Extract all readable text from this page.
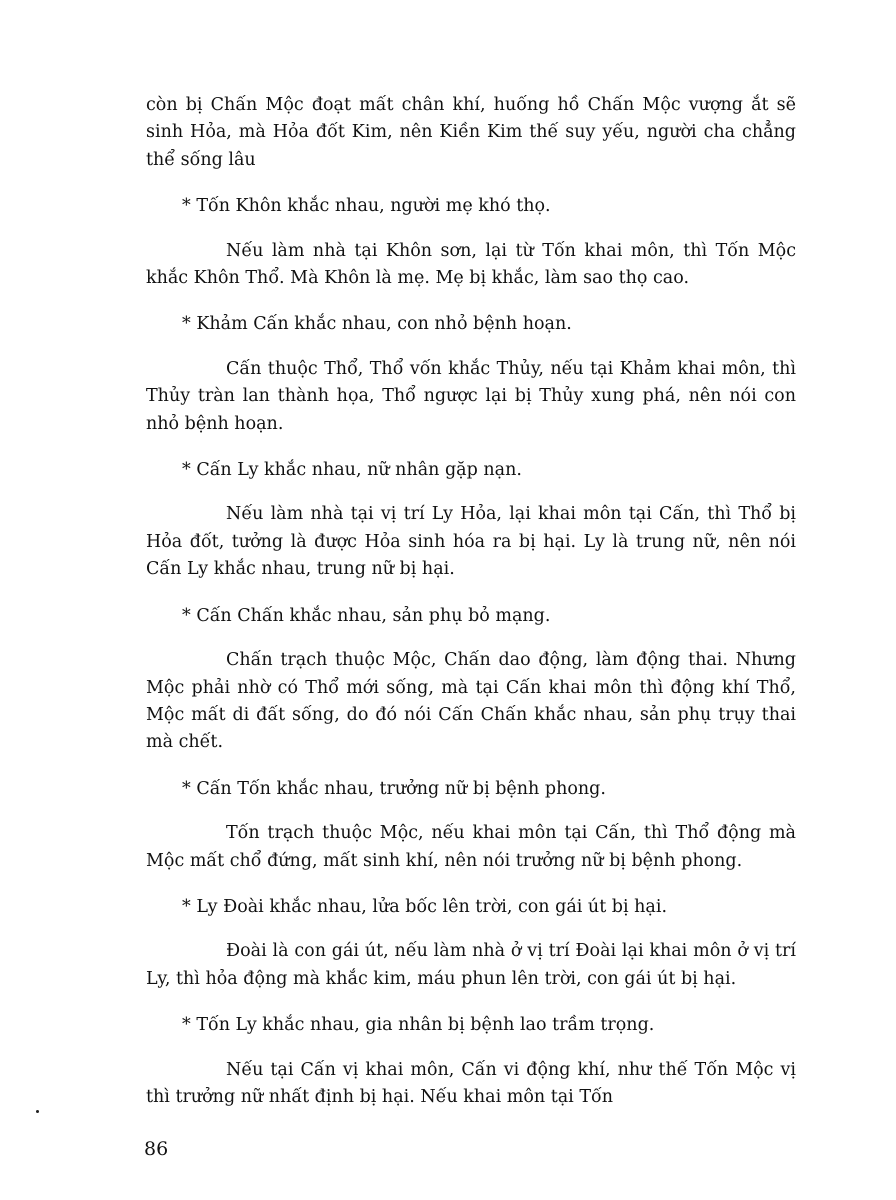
còn bị Chấn Mộc đoạt mất chân khí, huống hồ Chấn Mộc vượng ắt sẽ sinh Hỏa, mà Hỏa đốt Kim, nên Kiền Kim thế suy yếu, người cha chẳng thể sống lâu

* Tốn Khôn khắc nhau, người mẹ khó thọ.

Nếu làm nhà tại Khôn sơn, lại từ Tốn khai môn, thì Tốn Mộc khắc Khôn Thổ. Mà Khôn là mẹ. Mẹ bị khắc, làm sao thọ cao.

* Khảm Cấn khắc nhau, con nhỏ bệnh hoạn.

Cấn thuộc Thổ, Thổ vốn khắc Thủy, nếu tại Khảm khai môn, thì Thủy tràn lan thành họa, Thổ ngược lại bị Thủy xung phá, nên nói con nhỏ bệnh hoạn.

* Cấn Ly khắc nhau, nữ nhân gặp nạn.

Nếu làm nhà tại vị trí Ly Hỏa, lại khai môn tại Cấn, thì Thổ bị Hỏa đốt, tưởng là được Hỏa sinh hóa ra bị hại. Ly là trung nữ, nên nói Cấn Ly khắc nhau, trung nữ bị hại.

* Cấn Chấn khắc nhau, sản phụ bỏ mạng.

Chấn trạch thuộc Mộc, Chấn dao động, làm động thai. Nhưng Mộc phải nhờ có Thổ mới sống, mà tại Cấn khai môn thì động khí Thổ, Mộc mất di đất sống, do đó nói Cấn Chấn khắc nhau, sản phụ trụy thai mà chết.

* Cấn Tốn khắc nhau, trưởng nữ bị bệnh phong.

Tốn trạch thuộc Mộc, nếu khai môn tại Cấn, thì Thổ động mà Mộc mất chổ đứng, mất sinh khí, nên nói trưởng nữ bị bệnh phong.

* Ly Đoài khắc nhau, lửa bốc lên trời, con gái út bị hại.

Đoài là con gái út, nếu làm nhà ở vị trí Đoài lại khai môn ở vị trí Ly, thì hỏa động mà khắc kim, máu phun lên trời, con gái út bị hại.

* Tốn Ly khắc nhau, gia nhân bị bệnh lao trầm trọng.

Nếu tại Cấn vị khai môn, Cấn vi động khí, như thế Tốn Mộc vị thì trưởng nữ nhất định bị hại. Nếu khai môn tại Tốn

86
